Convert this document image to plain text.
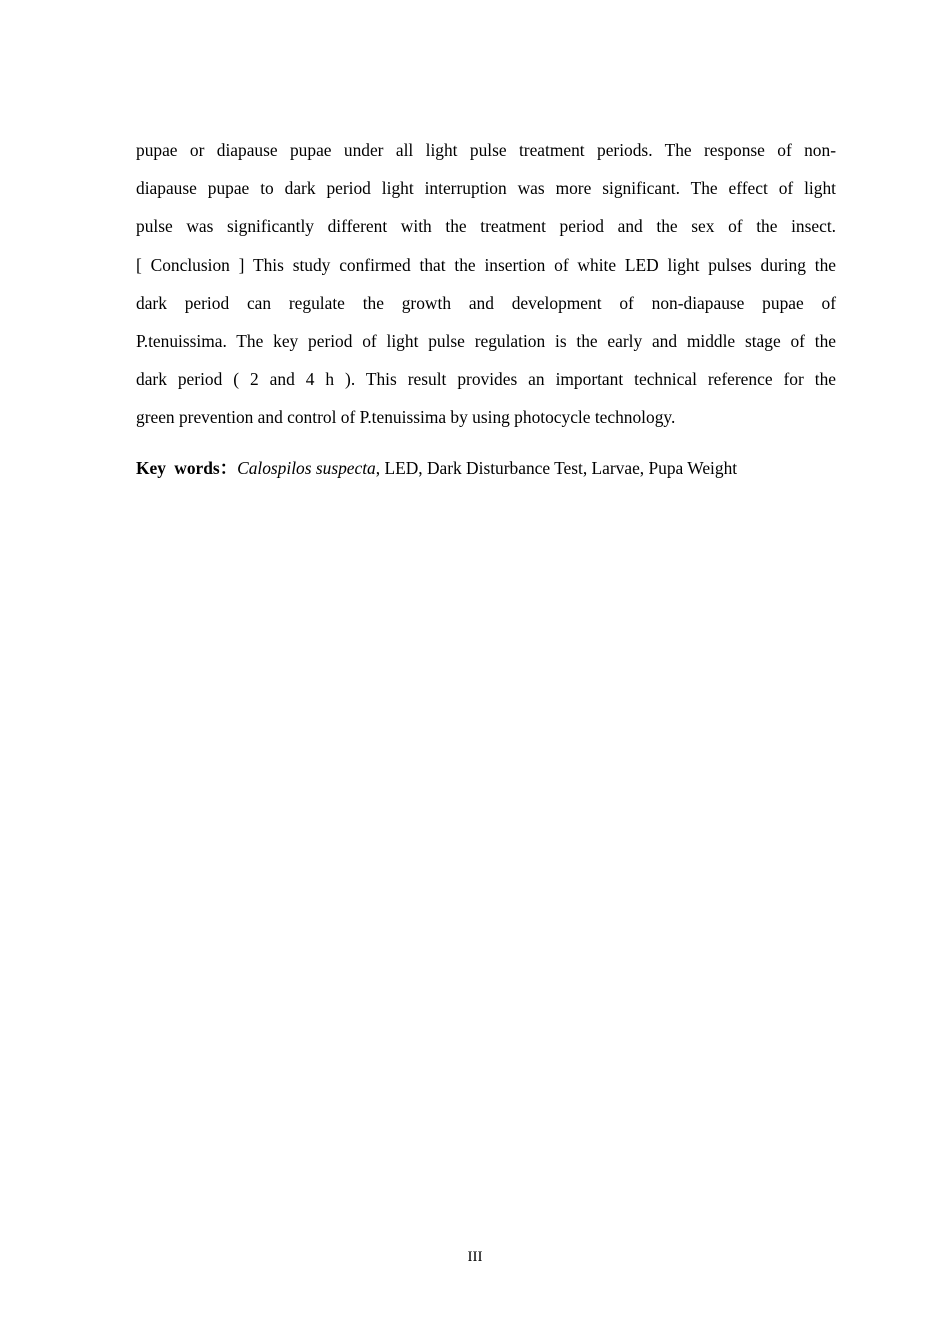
pupae or diapause pupae under all light pulse treatment periods. The response of non-
diapause pupae to dark period light interruption was more significant. The effect of light
pulse was significantly different with the treatment period and the sex of the insect.
[ Conclusion ] This study confirmed that the insertion of white LED light pulses during the
dark period can regulate the growth and development of non-diapause pupae of
P.tenuissima. The key period of light pulse regulation is the early and middle stage of the
dark period ( 2 and 4 h ). This result provides an important technical reference for the
green prevention and control of P.tenuissima by using photocycle technology.

Key words：Calospilos suspecta, LED, Dark Disturbance Test, Larvae, Pupa Weight

III
